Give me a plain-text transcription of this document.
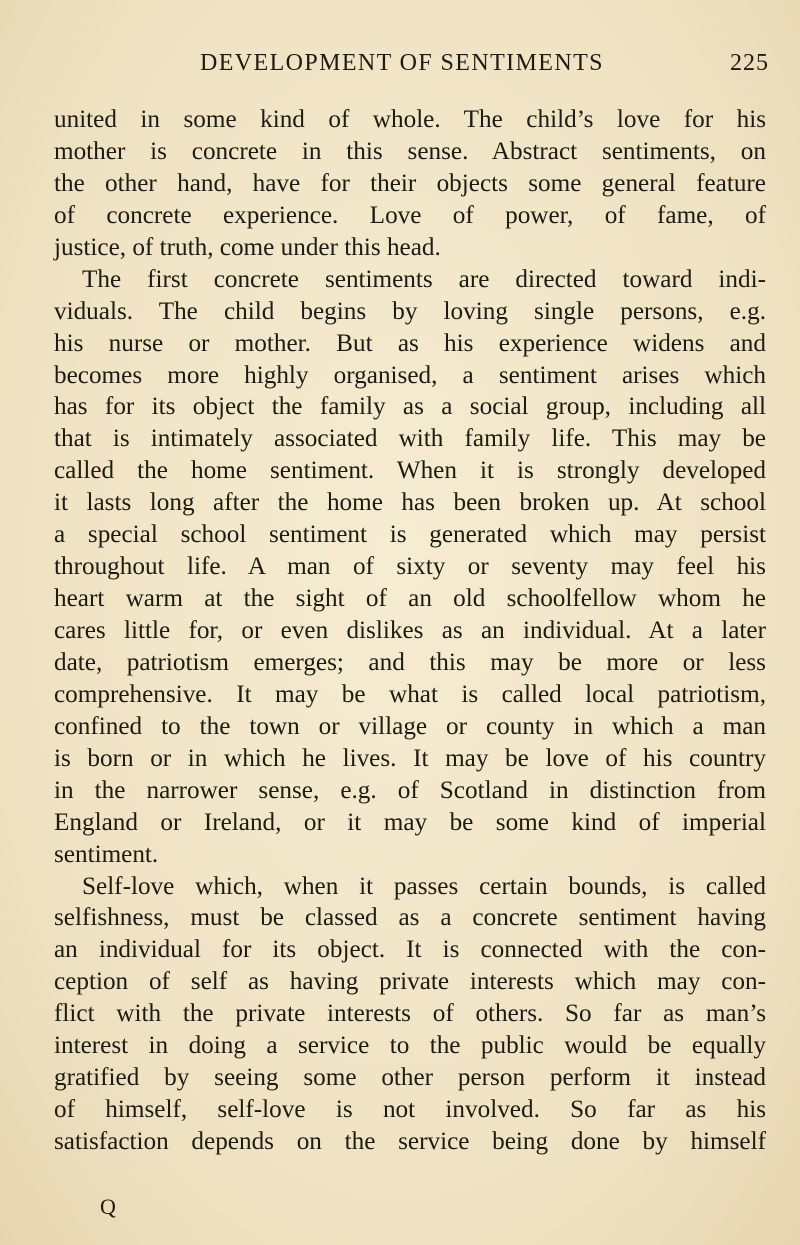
DEVELOPMENT OF SENTIMENTS	225
united in some kind of whole. The child’s love for his
mother is concrete in this sense. Abstract sentiments, on
the other hand, have for their objects some general feature
of concrete experience. Love of power, of fame, of
justice, of truth, come under this head.
The first concrete sentiments are directed toward indi-
viduals. The child begins by loving single persons, e.g.
his nurse or mother. But as his experience widens and
becomes more highly organised, a sentiment arises which
has for its object the family as a social group, including all
that is intimately associated with family life. This may be
called the home sentiment. When it is strongly developed
it lasts long after the home has been broken up. At school
a special school sentiment is generated which may persist
throughout life. A man of sixty or seventy may feel his
heart warm at the sight of an old schoolfellow whom he
cares little for, or even dislikes as an individual. At a later
date, patriotism emerges; and this may be more or less
comprehensive. It may be what is called local patriotism,
confined to the town or village or county in which a man
is born or in which he lives. It may be love of his country
in the narrower sense, e.g. of Scotland in distinction from
England or Ireland, or it may be some kind of imperial
sentiment.
Self-love which, when it passes certain bounds, is called
selfishness, must be classed as a concrete sentiment having
an individual for its object. It is connected with the con-
ception of self as having private interests which may con-
flict with the private interests of others. So far as man’s
interest in doing a service to the public would be equally
gratified by seeing some other person perform it instead
of himself, self-love is not involved. So far as his
satisfaction depends on the service being done by himself
Q
